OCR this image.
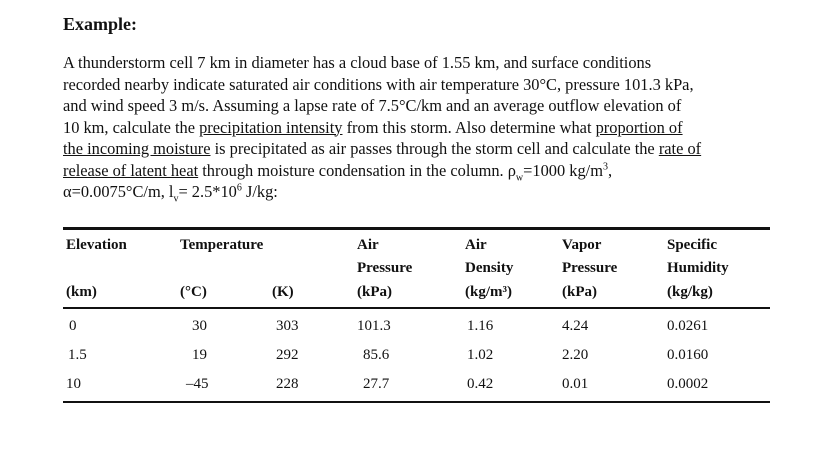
Example:
A thunderstorm cell 7 km in diameter has a cloud base of 1.55 km, and surface conditions
recorded nearby indicate saturated air conditions with air temperature 30°C, pressure 101.3 kPa,
and wind speed 3 m/s. Assuming a lapse rate of 7.5°C/km and an average outflow elevation of
10 km, calculate the precipitation intensity from this storm. Also determine what proportion of
the incoming moisture is precipitated as air passes through the storm cell and calculate the rate of
release of latent heat through moisture condensation in the column. $\rho_w=1000$ $kg/m^3$,
α=0.0075°C/m, $l_v= 2.5*10^6$ J/kg:
Elevation
(km)
Temperature
(°C)	(K)
Air
Pressure
(kPa)
Air
Density
(kg/m³)
Vapor
Pressure
(kPa)
Specific
Humidity
(kg/kg)
0	30	303	101.3	1.16	4.24	0.0261
1.5	19	292	85.6	1.02	2.20	0.0160
10	–45	228	27.7	0.42	0.01	0.0002
